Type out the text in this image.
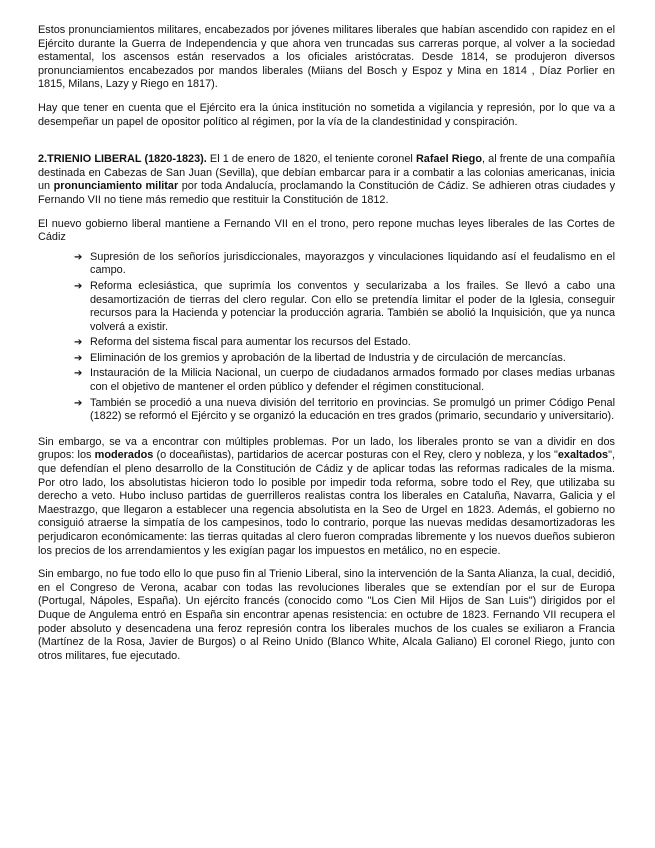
Estos pronunciamientos militares, encabezados por jóvenes militares liberales que habían ascendido con rapidez en el Ejército durante la Guerra de Independencia y que ahora ven truncadas sus carreras porque, al volver a la sociedad estamental, los ascensos están reservados a los oficiales aristócratas. Desde 1814, se produjeron diversos pronunciamientos encabezados por mandos liberales (Miians del Bosch y Espoz y Mina en 1814 , Díaz Porlier en 1815, Milans, Lazy y Riego en 1817).

Hay que tener en cuenta que el Ejército era la única institución no sometida a vigilancia y represión, por lo que va a desempeñar un papel de opositor político al régimen, por la vía de la clandestinidad y conspiración.

2.TRIENIO LIBERAL (1820-1823). El 1 de enero de 1820, el teniente coronel Rafael Riego, al frente de una compañía destinada en Cabezas de San Juan (Sevilla), que debían embarcar para ir a combatir a las colonias americanas, inicia un pronunciamiento militar por toda Andalucía, proclamando la Constitución de Cádiz. Se adhieren otras ciudades y Fernando VII no tiene más remedio que restituir la Constitución de 1812.

El nuevo gobierno liberal mantiene a Fernando VII en el trono, pero repone muchas leyes liberales de las Cortes de Cádiz

➔ Supresión de los señoríos jurisdiccionales, mayorazgos y vinculaciones liquidando así el feudalismo en el campo.
➔ Reforma eclesiástica, que suprimía los conventos y secularizaba a los frailes. Se llevó a cabo una desamortización de tierras del clero regular. Con ello se pretendía limitar el poder de la Iglesia, conseguir recursos para la Hacienda y potenciar la producción agraria. También se abolió la Inquisición, que ya nunca volverá a existir.
➔ Reforma del sistema fiscal para aumentar los recursos del Estado.
➔ Eliminación de los gremios y aprobación de la libertad de Industria y de circulación de mercancías.
➔ Instauración de la Milicia Nacional, un cuerpo de ciudadanos armados formado por clases medias urbanas con el objetivo de mantener el orden público y defender el régimen constitucional.
➔ También se procedió a una nueva división del territorio en provincias. Se promulgó un primer Código Penal (1822) se reformó el Ejército y se organizó la educación en tres grados (primario, secundario y universitario).

Sin embargo, se va a encontrar con múltiples problemas. Por un lado, los liberales pronto se van a dividir en dos grupos: los moderados (o doceañistas), partidarios de acercar posturas con el Rey, clero y nobleza, y los "exaltados", que defendían el pleno desarrollo de la Constitución de Cádiz y de aplicar todas las reformas radicales de la misma. Por otro lado, los absolutistas hicieron todo lo posible por impedir toda reforma, sobre todo el Rey, que utilizaba su derecho a veto. Hubo incluso partidas de guerrilleros realistas contra los liberales en Cataluña, Navarra, Galicia y el Maestrazgo, que llegaron a establecer una regencia absolutista en la Seo de Urgel en 1823. Además, el gobierno no consiguió atraerse la simpatía de los campesinos, todo lo contrario, porque las nuevas medidas desamortizadoras les perjudicaron económicamente: las tierras quitadas al clero fueron compradas libremente y los nuevos dueños subieron los precios de los arrendamientos y les exigían pagar los impuestos en metálico, no en especie.

Sin embargo, no fue todo ello lo que puso fin al Trienio Liberal, sino la intervención de la Santa Alianza, la cual, decidió, en el Congreso de Verona, acabar con todas las revoluciones liberales que se extendían por el sur de Europa (Portugal, Nápoles, España). Un ejército francés (conocido como "Los Cien Mil Hijos de San Luis") dirigidos por el Duque de Angulema entró en España sin encontrar apenas resistencia: en octubre de 1823. Fernando VII recupera el poder absoluto y desencadena una feroz represión contra los liberales muchos de los cuales se exiliaron a Francia (Martínez de la Rosa, Javier de Burgos) o al Reino Unido (Blanco White, Alcala Galiano) El coronel Riego, junto con otros militares, fue ejecutado.
